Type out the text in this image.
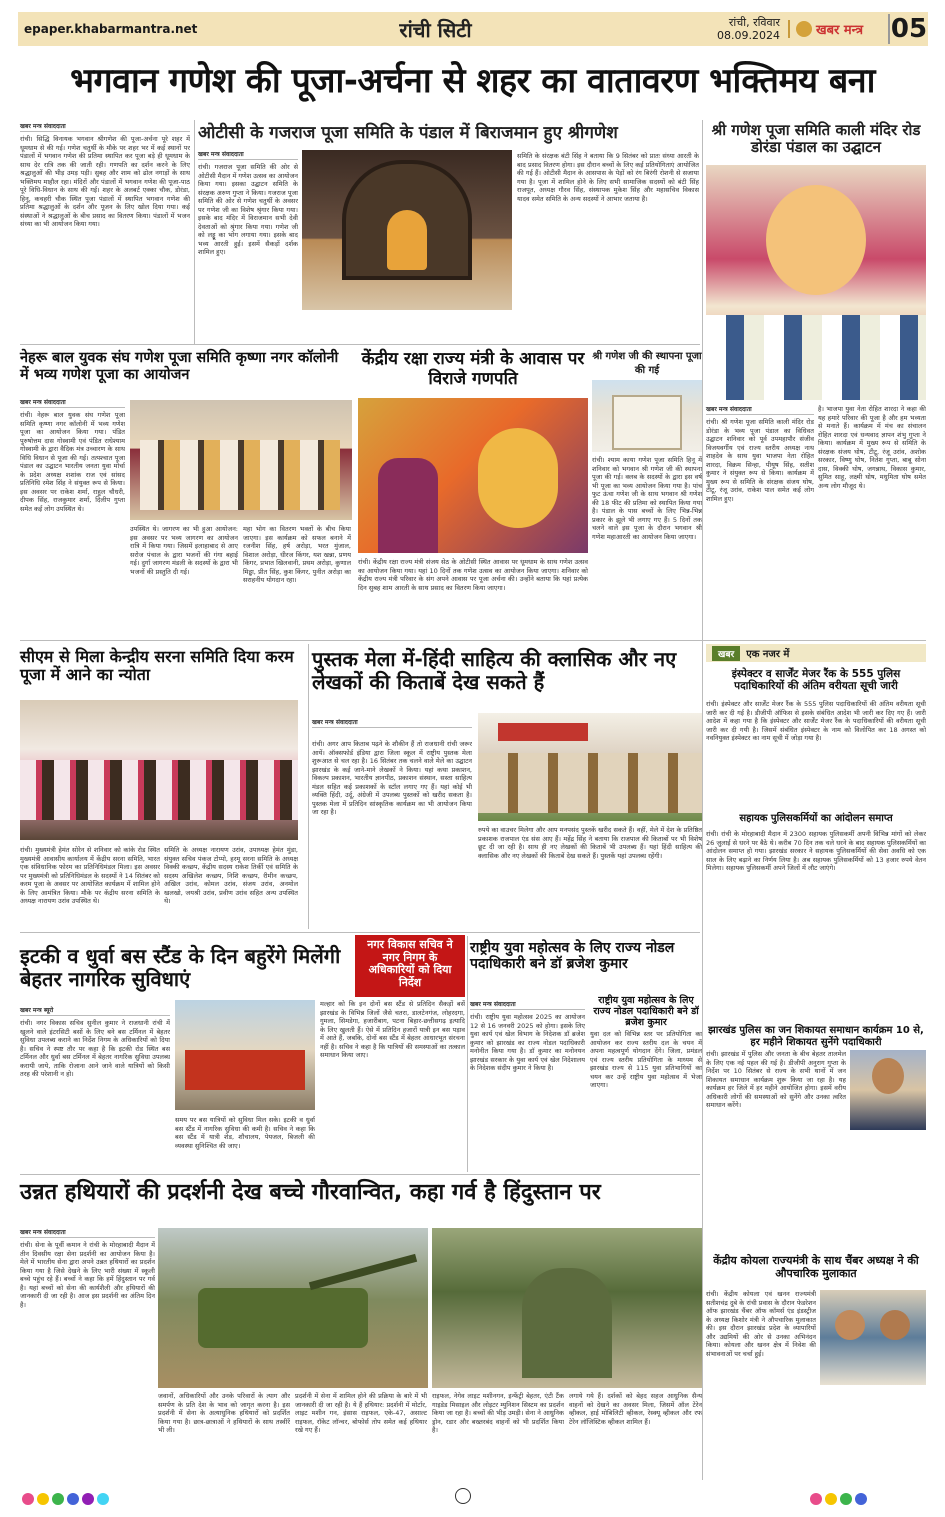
epaper.khabarmantra.net	रांची सिटी	रांची, रविवार
08.09.2024	खबर मन्त्र 05
भगवान गणेश की पूजा-अर्चना से शहर का वातावरण भक्तिमय बना
खबर मन्त्र संवाददाता
रांची। सिद्धि विनायक भगवान श्रीगणेश की पूजा-अर्चना पूरे शहर में धूमधाम से की गई। गणेश चतुर्थी के मौके पर शहर भर में कई स्थानों पर पंडालों में भगवान गणेश की प्रतिमा स्थापित कर पूजा बड़े ही धूमधाम के साथ देर रात्रि तक की जाती रही। गणपति का दर्शन करने के लिए श्रद्धालुओं की भीड़ उमड़ पड़ी। सुबह और शाम को ढोल नगाड़ों के साथ भक्तिमय माहौल रहा। मंदिरों और पंडालों में भगवान गणेश की पूजा-पाठ पूरे विधि-विधान के साथ की गई। शहर के अलबर्ट एक्का चौक, डोरंडा, हिनू, कचहरी चौक स्थित पूजा पंडालों में स्थापित भगवान गणेश की प्रतिमा श्रद्धालुओं के दर्शन और पूजन के लिए खोल दिया गया। कई संस्थाओं ने श्रद्धालुओं के बीच प्रसाद का वितरण किया। पंडालों में भजन संध्या का भी आयोजन किया गया।
ओटीसी के गजराज पूजा समिति के पंडाल में बिराजमान हुए श्रीगणेश
खबर मन्त्र संवाददाता
रांची। गजराज पूजा समिति की ओर से ओटीसी मैदान में गणेश उत्सव का आयोजन किया गया। इसका उद्घाटन समिति के संरक्षक अरुण गुप्ता ने किया। गजराज पूजा समिति की ओर से गणेश चतुर्थी के अवसर पर गणेश जी का विशेष श्रृंगार किया गया। इसके बाद मंदिर में विराजमान सभी देवी देवताओं को श्रृंगार किया गया। गणेश जी को लड्डू का भोग लगाया गया। इसके बाद भव्य आरती हुई। इसमें सैकड़ों दर्शक शामिल हुए।
श्री गणेश पूजा समिति काली मंदिर रोड डोरंडा पंडाल का उद्घाटन
नेहरू बाल युवक संघ गणेश पूजा समिति कृष्णा नगर कॉलोनी में भव्य गणेश पूजा का आयोजन
खबर मन्त्र संवाददाता
रांची। नेहरू बाल युवक संघ गणेश पूजा समिति कृष्णा नगर कॉलोनी में भव्य गणेश पूजा का आयोजन किया गया। पंडित पुरुषोत्तम दास गोस्वामी एवं पंडित राधेश्याम गोस्वामी के द्वारा वैदिक मंत्र उच्चारण के साथ विधि विधान से पूजा की गई। तत्पश्चात पूजा पंडाल का उद्घाटन भारतीय जनता युवा मोर्चा के प्रदेश अध्यक्ष शशांक राज एवं सांसद प्रतिनिधि रमेश सिंह ने संयुक्त रूप से किया। इस अवसर पर राकेश शर्मा, राहुल चौधरी, दीपक सिंह, राजकुमार शर्मा, दिलीप गुप्ता समेत कई लोग उपस्थित थे।
उपस्थित थे। जागरण का भी हुआ आयोजन: इस अवसर पर भव्य जागरण का आयोजन रात्रि में किया गया। जिसमें इलाहाबाद से आए सरोज पंचाल के द्वारा भजनों की गंगा बहाई गई। दुर्गा जागरण मंडली के सदस्यों के द्वारा भी भजनों की प्रस्तुति दी गई।
महा भोग का वितरण भक्तों के बीच किया जाएगा। इस कार्यक्रम को सफल बनाने में रजनीश सिंह, हर्ष अरोड़ा, भरत मुंजाल, विशाल अरोड़ा, धीरज किंगर, यश खन्ना, प्रणय किंगर, प्रभात खिलवानी, प्रथम अरोड़ा, कुणाल मिड्ढा, प्रीत सिंह, कुश किंगर, पुनीत अरोड़ा का सराहनीय योगदान रहा।
केंद्रीय रक्षा राज्य मंत्री के आवास पर विराजे गणपति
रांची। केंद्रीय रक्षा राज्य मंत्री संजय सेठ के ओटीसी स्थित आवास पर धूमधाम के साथ गणेश उत्सव का आयोजन किया गया। यहां 10 दिनों तक गणेश उत्सव का आयोजन किया जाएगा। शनिवार को केंद्रीय राज्य मंत्री परिवार के संग अपने आवास पर पूजा अर्चना की। उन्होंने बताया कि यहां प्रत्येक दिन सुबह शाम आरती के साथ प्रसाद का वितरण किया जाएगा।
श्री गणेश जी की स्थापना पूजा की गई
रांची। श्याम काया गणेश पूजा समिति हिनू में शनिवार को भगवान श्री गणेश जी की स्थापना पूजा की गई। क्लब के सदस्यों के द्वारा इस वर्ष भी पूजा का भव्य आयोजन किया गया है। पांच फुट ऊंचा गणेश जी के साथ भगवान श्री गणेश की 18 फीट की प्रतिमा को स्थापित किया गया है। पंडाल के पास बच्चों के लिए भिन्न-भिन्न प्रकार के झूले भी लगाए गए हैं। 5 दिनों तक चलने वाले इस पूजा के दौरान भगवान श्री गणेश महाआरती का आयोजन किया जाएगा।
खबर मन्त्र संवाददाता
रांची। श्री गणेश पूजा समिति काली मंदिर रोड डोरंडा के भव्य पूजा पंडाल का विधिवत उद्घाटन शनिवार को पूर्व उपमहापौर संजीव विजयवर्गीय एवं राज्य स्तरीय अध्यक्ष नाथ शाहदेव के साथ युवा भाजपा नेता रोहित शारदा, विक्रम सिन्हा, पीयूष सिंह, सतीश कुमार ने संयुक्त रूप से किया। कार्यक्रम में मुख्य रूप से समिति के संरक्षक संजय घोष, टीटू, रंजू उरांव, राकेश पाल समेत कई लोग शामिल हुए।
है। भाजपा युवा नेता रोहित शारदा ने कहा की यह हमारे परिवार की पूजा है और हम भव्यता से मनाते हैं। कार्यक्रम में मंच का संचालन रोहित शारदा एवं धन्यवाद ज्ञापन शंभु गुप्ता ने किया। कार्यक्रम में मुख्य रूप से समिति के संरक्षक संजय घोष, टीटू, रंजू उरांव, अशोक सरकार, विष्णु घोष, नितेश गुप्ता, बाबू सोना दास, विक्की घोष, जगन्नाथ, विकास कुमार, सुमित साहू, लक्ष्मी घोष, मधुमिता घोष समेत अन्य लोग मौजूद थे।
सीएम से मिला केन्द्रीय सरना समिति दिया करम पूजा में आने का न्योता
रांची। मुख्यमंत्री हेमंत सोरेन से शनिवार को कांके रोड स्थित मुख्यमंत्री आवासीय कार्यालय में केंद्रीय सरना समिति, भारत एक संविधानिक फोरम का प्रतिनिधिमंडल मिला। इस अवसर पर मुख्यमंत्री को प्रतिनिधिमंडल के सदस्यों ने 14 सितंबर को करम पूजा के अवसर पर आयोजित कार्यक्रम में शामिल होने के लिए आमंत्रित किया। मौके पर केंद्रीय सरना समिति के अध्यक्ष नारायण उरांव उपस्थित थे।
समिति के अध्यक्ष नारायण उरांव, उपाध्यक्ष हेमंत मुंडा, संयुक्त सचिव पंकज टोप्पो, हरमू सरना समिति के अध्यक्ष विक्की कच्छप, केंद्रीय सदस्य राकेश तिर्की एवं समिति के सदस्य अखिलेश कच्छप, निशि कच्छप, रीमीन कच्छप, अखिल उरांव, कोमल उरांव, संजय उरांव, अनमोल खलखो, जयश्री उरांव, प्रवीण उरांव सहित अन्य उपस्थित थे।
पुस्तक मेला में-हिंदी साहित्य की क्लासिक और नए लेखकों की किताबें देख सकते हैं
खबर मन्त्र संवाददाता
रांची। अगर आप किताब पढ़ने के शौकीन हैं तो राजधानी रांची जरूर आयें। ऑक्सफोर्ड इंडिया द्वारा जिला स्कूल में राष्ट्रीय पुस्तक मेला शुरूआत से चल रहा है। 16 सितंबर तक चलने वाले मेले का उद्घाटन झारखंड के कई जाने-माने लेखकों ने किया। यहां कथा प्रकाशन, विकल्प प्रकाशन, भारतीय ज्ञानपीठ, प्रकाशन संस्थान, सस्ता साहित्य मंडल सहित कई प्रकाशकों के स्टॉल लगाए गए हैं। यहां कोई भी व्यक्ति हिंदी, उर्दू, अंग्रेजी में उपलब्ध पुस्तकों को खरीद सकता है। पुस्तक मेला में प्रतिदिन सांस्कृतिक कार्यक्रम का भी आयोजन किया जा रहा है।
रुपये का वाउचर मिलेगा और आप मनपसंद पुस्तकें खरीद सकते हैं। वहीं, मेले में देश के प्रतिष्ठित प्रकाशक राजपाल एंड संस आए हैं। महेंद्र सिंह ने बताया कि राजपाल की किताबों पर भी विशेष छूट दी जा रही है। साथ ही नए लेखकों की किताबें भी उपलब्ध हैं। यहां हिंदी साहित्य की क्लासिक और नए लेखकों की किताबें देख सकते हैं। पुस्तकें यहां उपलब्ध रहेंगी।
खबर	एक नजर में
इंस्पेक्टर व सार्जेंट मेजर रैंक के 555 पुलिस पदाधिकारियों की अंतिम वरीयता सूची जारी
रांची। इंस्पेक्टर और सार्जेंट मेजर रैंक के 555 पुलिस पदाधिकारियों की अंतिम वरीयता सूची जारी कर दी गई है। डीजीपी ऑफिस से इसके संबंधित आदेश भी जारी कर दिए गए हैं। जारी आदेश में कहा गया है कि इंस्पेक्टर और सार्जेंट मेजर रैंक के पदाधिकारियों की वरीयता सूची जारी कर दी गयी है। जिसमें संबंधित इंस्पेक्टर के नाम को विलोपित कर 18 अगस्त को नवनियुक्त इंस्पेक्टर का नाम सूची में जोड़ा गया है।
सहायक पुलिसकर्मियों का आंदोलन समाप्त
रांची। रांची के मोरहाबादी मैदान में 2300 सहायक पुलिसकर्मी अपनी विभिन्न मांगों को लेकर 26 जुलाई से धरने पर बैठे थे। करीब 70 दिन तक चले धरने के बाद सहायक पुलिसकर्मियों का आंदोलन समाप्त हो गया। झारखंड सरकार ने सहायक पुलिसकर्मियों की सेवा अवधि को एक साल के लिए बढ़ाने का निर्णय लिया है। अब सहायक पुलिसकर्मियों को 13 हजार रुपये वेतन मिलेगा। सहायक पुलिसकर्मी अपने जिलों में लौट जाएंगे।
झारखंड पुलिस का जन शिकायत समाधान कार्यक्रम 10 से, हर महीने शिकायत सुनेंगे पदाधिकारी
रांची। झारखंड में पुलिस और जनता के बीच बेहतर तालमेल के लिए एक नई पहल की गई है। डीजीपी अनुराग गुप्ता के निर्देश पर 10 सितंबर से राज्य के सभी थानों में जन शिकायत समाधान कार्यक्रम शुरू किया जा रहा है। यह कार्यक्रम हर जिले में हर महीने आयोजित होगा। इसमें वरीय अधिकारी लोगों की समस्याओं को सुनेंगे और उनका त्वरित समाधान करेंगे।
इटकी व धुर्वा बस स्टैंड के दिन बहुरेंगे मिलेंगी बेहतर नागरिक सुविधाएं
नगर विकास सचिव ने नगर निगम के अधिकारियों को दिया निर्देश
खबर मन्त्र ब्यूरो
रांची। नगर विकास सचिव सुनील कुमार ने राजधानी रांची में खुलने वाले इंटरसिटी बसों के लिए बने बस टर्मिनल में बेहतर सुविधा उपलब्ध कराने का निर्देश निगम के अधिकारियों को दिया है। सचिव ने स्पष्ट तौर पर कहा है कि इटकी रोड स्थित बस टर्मिनल और धुर्वा बस टर्मिनल में बेहतर नागरिक सुविधा उपलब्ध करायी जाये, ताकि रोजाना आने जाने वाले यात्रियों को किसी तरह की परेशानी न हो।
समय पर बस यात्रियों को सुविधा मिल सके। इटकी व धुर्वा बस स्टैंड में नागरिक सुविधा की कमी है। सचिव ने कहा कि बस स्टैंड में यात्री शेड, शौचालय, पेयजल, बिजली की व्यवस्था सुनिश्चित की जाए।
मल्हार को कि इन दोनों बस स्टैंड से प्रतिदिन सैकड़ों बसें झारखंड के विभिन्न जिलों जैसे चतरा, डालटेनगंज, लोहरदगा, गुमला, सिमडेगा, हजारीबाग, पटना बिहार-छत्तीसगढ़ इत्यादि के लिए खुलती हैं। ऐसे में प्रतिदिन हजारों यात्री इन बस पड़ाव में आते हैं, जबकि, दोनों बस स्टैंड में बेहतर आधारभूत संरचना नहीं है। सचिव ने कहा है कि यात्रियों की समस्याओं का तत्काल समाधान किया जाए।
राष्ट्रीय युवा महोत्सव के लिए राज्य नोडल पदाधिकारी बने डॉ ब्रजेश कुमार
खबर मन्त्र संवाददाता
रांची। राष्ट्रीय युवा महोत्सव 2025 का आयोजन 12 से 16 जनवरी 2025 को होगा। इसके लिए युवा कार्य एवं खेल विभाग के निदेशक डॉ ब्रजेश कुमार को झारखंड का राज्य नोडल पदाधिकारी मनोनीत किया गया है। डॉ कुमार का मनोनयन झारखंड सरकार के युवा कार्य एवं खेल निदेशालय के निदेशक संदीप कुमार ने किया है।
राष्ट्रीय युवा महोत्सव के लिए राज्य नोडल पदाधिकारी बने डॉ ब्रजेश कुमार
युवा दल को विभिन्न स्तर पर प्रतियोगिता का आयोजन कर राज्य स्तरीय दल के चयन में अपना महत्वपूर्ण योगदान देंगे। जिला, प्रमंडल एवं राज्य स्तरीय प्रतियोगिता के माध्यम से झारखंड राज्य से 115 युवा प्रतिभागियों का चयन कर उन्हें राष्ट्रीय युवा महोत्सव में भेजा जाएगा।
उन्नत हथियारों की प्रदर्शनी देख बच्चे गौरवान्वित, कहा गर्व है हिंदुस्तान पर
खबर मन्त्र संवाददाता
रांची। सेना के पूर्वी कमान ने रांची के मोरहाबादी मैदान में तीन दिवसीय रक्षा सेना प्रदर्शनी का आयोजन किया है। मेले में भारतीय सेना द्वारा अपने उन्नत हथियारों का प्रदर्शन किया गया है जिसे देखने के लिए भारी संख्या में स्कूली बच्चे पहुंच रहे हैं। बच्चों ने कहा कि हमें हिंदुस्तान पर गर्व है। यहां बच्चों को सेना की कार्यशैली और हथियारों की जानकारी दी जा रही है। आज इस प्रदर्शनी का अंतिम दिन है।
जवानों, अधिकारियों और उनके परिवारों के त्याग और समर्पण के प्रति देश के भाव को जागृत करना है। इस प्रदर्शनी में सेना के अत्याधुनिक हथियारों को प्रदर्शित किया गया है। छात्र-छात्राओं ने हथियारों के साथ तस्वीरें भी ली।
प्रदर्शनी में सेना में शामिल होने की प्रक्रिया के बारे में भी जानकारी दी जा रही है। ये हैं हथियार: प्रदर्शनी में मोर्टार, लाइट मशीन गन, इंसास राइफल, एके-47, असाल्ट राइफल, रॉकेट लॉन्चर, बोफोर्स तोप समेत कई हथियार रखे गए हैं।
राइफल, नेगेव लाइट मशीनगन, इन्फेंट्री बेहतर, एंटी टैंक गाइडेड मिसाइल और लोइटर म्युनिशन सिस्टम का प्रदर्शन किया जा रहा है। बच्चों की भीड़ उमड़ी। सेना ने आधुनिक ड्रोन, रडार और बख्तरबंद वाहनों को भी प्रदर्शित किया है।
लगाये गये हैं। दर्शकों को बेहद सहज आधुनिक सैन्य वाहनों को देखने का अवसर मिला, जिसमें ऑल टेरेन व्हीकल, हाई मोबिलिटी व्हीकल, रेस्क्यू व्हीकल और रफ टेरेन लॉजिस्टिक व्हीकल शामिल हैं।
केंद्रीय कोयला राज्यमंत्री के साथ चैंबर अध्यक्ष ने की औपचारिक मुलाकात
रांची। केंद्रीय कोयला एवं खनन राज्यमंत्री सतीशचंद्र दुबे के रांची प्रवास के दौरान फेडरेशन ऑफ झारखंड चैंबर ऑफ कॉमर्स एंड इंडस्ट्रीज के अध्यक्ष किशोर मंत्री ने औपचारिक मुलाकात की। इस दौरान झारखंड प्रदेश के व्यापारियों और उद्यमियों की ओर से उनका अभिनंदन किया। कोयला और खनन क्षेत्र में निवेश की संभावनाओं पर चर्चा हुई।
समिति के संरक्षक बंटी सिंह ने बताया कि 9 सितंबर को प्रातः संध्या आरती के बाद प्रसाद वितरण होगा। इस दौरान बच्चों के लिए कई प्रतियोगिताएं आयोजित की गई हैं। ओटीसी मैदान के आसपास के पेड़ों को रंग बिरंगी रोशनी से सजाया गया है। पूजा में शामिल होने के लिए सभी सामाजिक सदस्यों को बंटी सिंह राजपूत, अध्यक्ष गौरव सिंह, संस्थापक मुकेश सिंह और महासचिव विकास यादव समेत समिति के अन्य सदस्यों ने आभार जताया है।
